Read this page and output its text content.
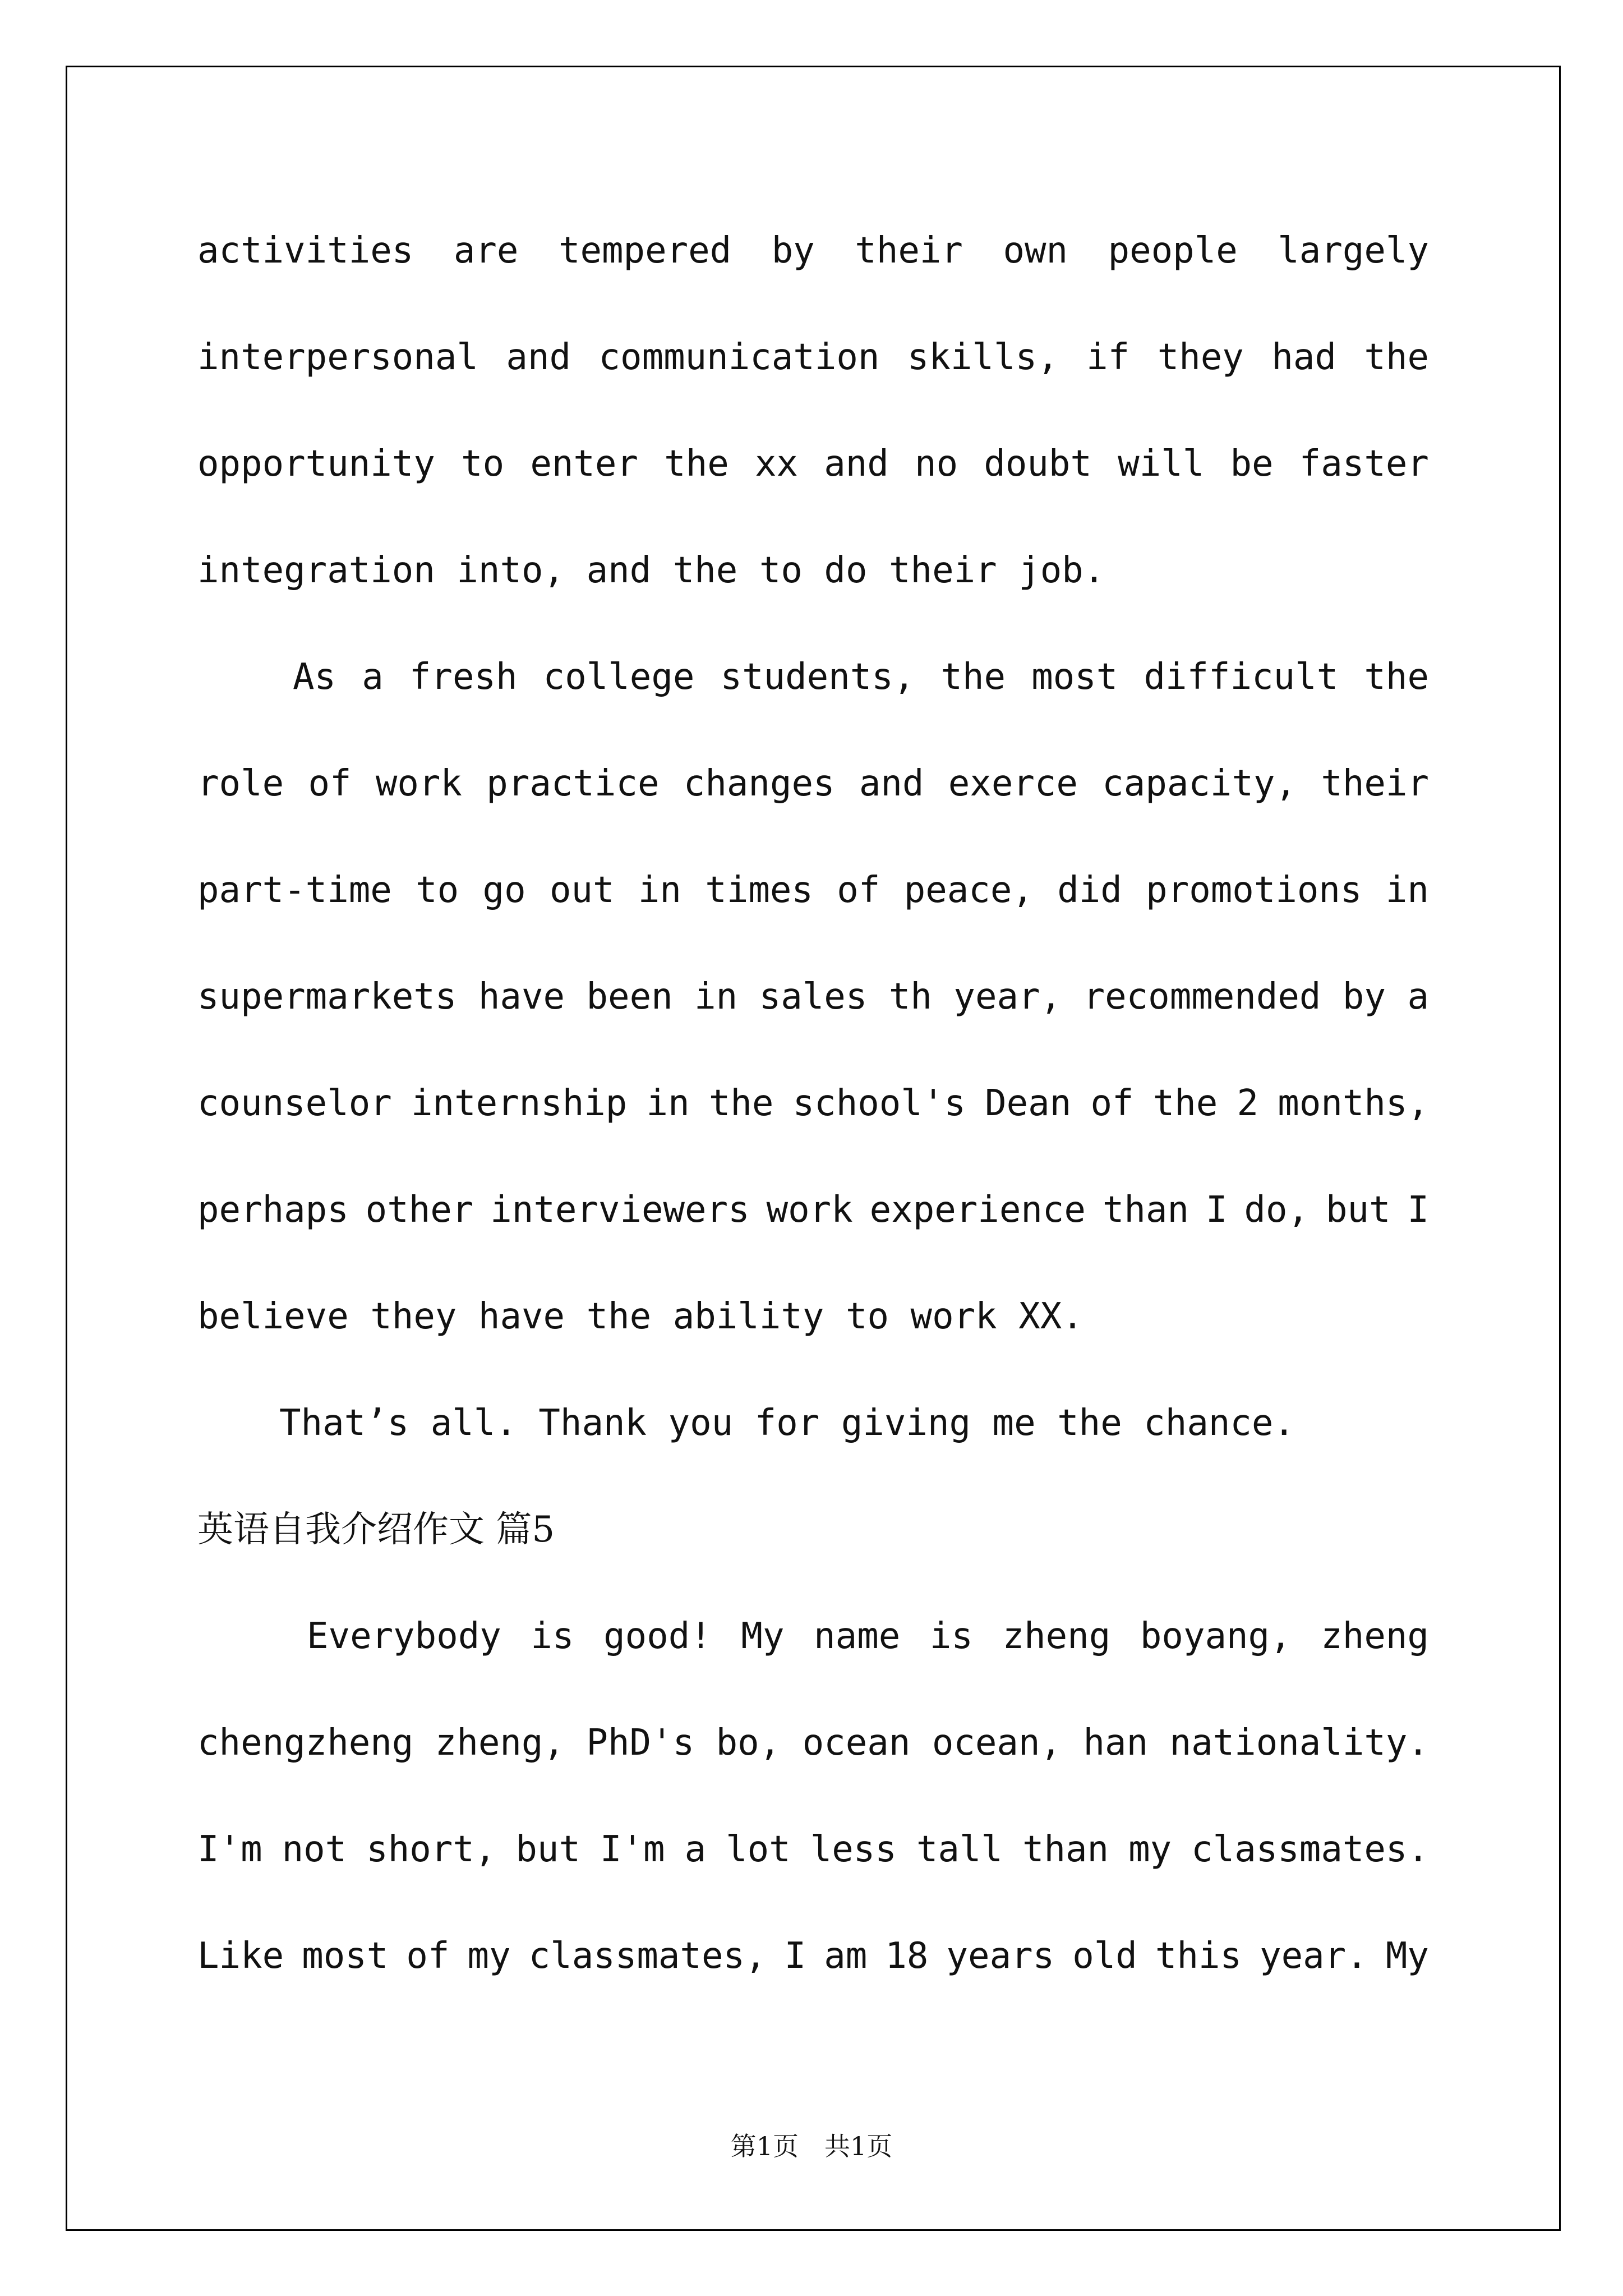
activities are tempered by their own people largely
interpersonal and communication skills, if they had the
opportunity to enter the xx and no doubt will be faster
integration into, and the to do their job.
As a fresh college students, the most difficult the
role of work practice changes and exerce capacity, their
part-time to go out in times of peace, did promotions in
supermarkets have been in sales th year, recommended by a
counselor internship in the school's Dean of the 2 months,
perhaps other interviewers work experience than I do, but I
believe they have the ability to work XX.
That’s all. Thank you for giving me the chance.
英语自我介绍作文 篇5
Everybody is good! My name is zheng boyang, zheng
chengzheng zheng, PhD's bo, ocean ocean, han nationality.
I'm not short, but I'm a lot less tall than my classmates.
Like most of my classmates, I am 18 years old this year. My
第1页　共1页
